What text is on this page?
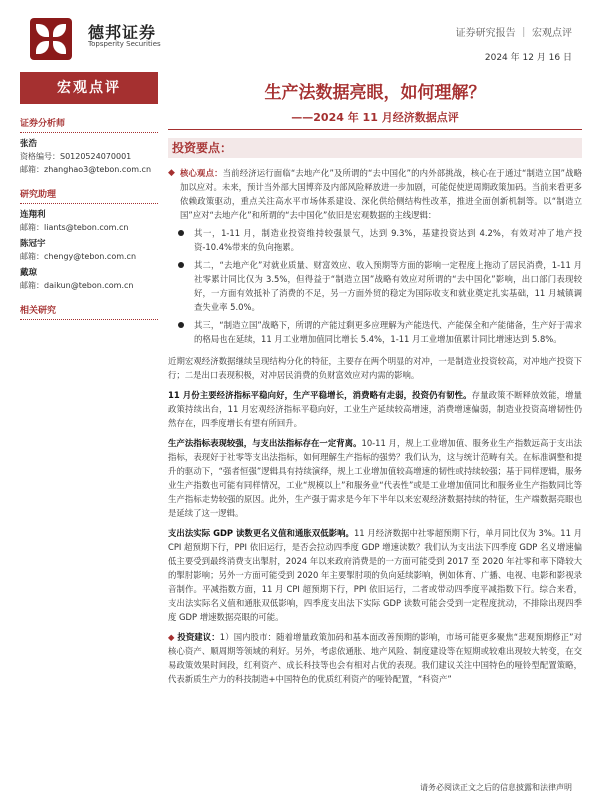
德邦证券
Topsperity Securities
证券研究报告 ｜ 宏观点评
2024 年 12 月 16 日
宏观点评
证券分析师
张浩
资格编号：S0120524070001
邮箱：zhanghao3@tebon.com.cn
研究助理
连翔利
邮箱：liants@tebon.com.cn
陈冠宇
邮箱：chengy@tebon.com.cn
戴琼
邮箱：daikun@tebon.com.cn
相关研究
生产法数据亮眼，如何理解？
——2024 年 11 月经济数据点评
投资要点：
◆ 核心观点：当前经济运行面临“去地产化”及所谓的“去中国化”的内外部挑战，核心在于通过“制造立国”战略加以应对。未来，预计当外部大国博弈及内部风险释放进一步加剧，可能促使逆周期政策加码。当前来看更多依赖政策驱动，重点关注高水平市场体系建设、深化供给侧结构性改革，推进全面创新机制等。以“制造立国”应对“去地产化”和所谓的“去中国化”依旧是宏观数据的主线逻辑：
其一，1-11 月，制造业投资维持较强景气，达到 9.3%，基建投资达到 4.2%，有效对冲了地产投资-10.4%带来的负向拖累。
其二，“去地产化”对就业质量、财富效应、收入预期等方面的影响一定程度上拖动了居民消费，1-11 月社零累计同比仅为 3.5%，但得益于“制造立国”战略有效应对所谓的“去中国化”影响，出口部门表现较好，一方面有效抵补了消费的不足，另一方面外贸的稳定为国际收支和就业奠定扎实基础，11 月城镇调查失业率 5.0%。
其三，“制造立国”战略下，所谓的产能过剩更多应理解为产能迭代、产能保全和产能储备，生产好于需求的格局也在延续，11 月工业增加值同比增长 5.4%，1-11 月工业增加值累计同比增速达到 5.8%。
近期宏观经济数据继续呈现结构分化的特征，主要存在两个明显的对冲，一是制造业投资较高，对冲地产投资下行；二是出口表现积极，对冲居民消费的负财富效应对内需的影响。
11 月份主要经济指标平稳向好，生产平稳增长，消费略有走弱，投资仍有韧性。存量政策不断释放效能，增量政策持续出台，11 月宏观经济指标平稳向好，工业生产延续较高增速，消费增速偏弱，制造业投资高增韧性仍然存在，四季度增长有望有所回升。
生产法指标表现较强，与支出法指标存在一定背离。10-11 月，规上工业增加值、服务业生产指数远高于支出法指标，表现好于社零等支出法指标，如何理解生产指标的强势？我们认为，这与统计范畴有关。在标准调整和提升的驱动下，“强者恒强”逻辑具有持续演绎，规上工业增加值较高增速的韧性或持续较强；基于同样逻辑，服务业生产指数也可能有同样情况，工业“规模以上”和服务业“代表性”或是工业增加值同比和服务业生产指数同比等生产指标走势较强的原因。此外，生产强于需求是今年下半年以来宏观经济数据持续的特征，生产端数据亮眼也是延续了这一逻辑。
支出法实际 GDP 读数更名义值和通胀双低影响。11 月经济数据中社零超预期下行，单月同比仅为 3%。11 月 CPI 超预期下行，PPI 依旧运行，是否会拉动四季度 GDP 增速读数？我们认为支出法下四季度 GDP 名义增速偏低主要受到最终消费支出掣肘，2024 年以来政府消费是的一方面可能受到 2017 至 2020 年社零和率下降较大的掣肘影响；另外一方面可能受到 2020 年主要掣肘项的负向延续影响，例如体育、广播、电视、电影和影视录音制作。平减指数方面，11 月 CPI 超预期下行，PPI 依旧运行，二者或带动四季度平减指数下行。综合来看，支出法实际名义值和通胀双低影响，四季度支出法下实际 GDP 读数可能会受到一定程度扰动，不排除出现四季度 GDP 增速数据亮眼的可能。
◆ 投资建议：1）国内股市：随着增量政策加码和基本面改善预期的影响，市场可能更多聚焦“悲观预期修正”对核心资产、顺周期等领域的利好。另外，考虑依通胀、地产风险、制度建设等在短期或较难出现较大转变，在交易政策效果时间段，红利资产、成长科技等也会有相对占优的表现。我们建议关注中国特色的哑铃型配置策略，代表新质生产力的科技制造+中国特色的优质红利资产的哑铃配置，“科资产”
请务必阅读正文之后的信息披露和法律声明
